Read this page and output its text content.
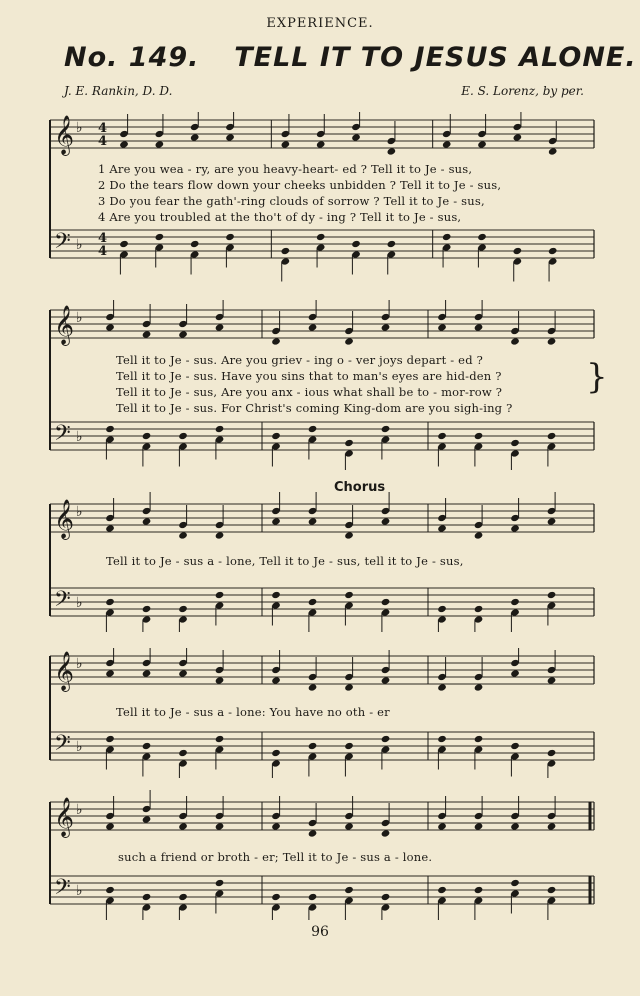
EXPERIENCE.
No. 149. TELL IT TO JESUS ALONE.
J. E. Rankin, D. D.	E. S. Lorenz, by per.
𝄞 ♭
𝄢 ♭
4
4
4
4
1 Are you wea - ry, are you heavy-heart- ed ? Tell it to Je - sus,
2 Do the tears flow down your cheeks unbidden ? Tell it to Je - sus,
3 Do you fear the gath'-ring clouds of sorrow ? Tell it to Je - sus,
4 Are you troubled at the tho't of dy - ing ? Tell it to Je - sus,
𝄞 ♭
𝄢 ♭
Tell it to Je - sus. Are you griev - ing o - ver joys depart - ed ?
Tell it to Je - sus. Have you sins that to man's eyes are hid-den ?
Tell it to Je - sus, Are you anx - ious what shall be to - mor-row ?
Tell it to Je - sus. For Christ's coming King-dom are you sigh-ing ?
}
Chorus
𝄞 ♭
𝄢 ♭
Tell it to Je - sus a - lone, Tell it to Je - sus, tell it to Je - sus,
𝄞 ♭
𝄢 ♭
Tell it to Je - sus a - lone: You have no oth - er
𝄞 ♭
𝄢 ♭
such a friend or broth - er; Tell it to Je - sus a - lone.
96
